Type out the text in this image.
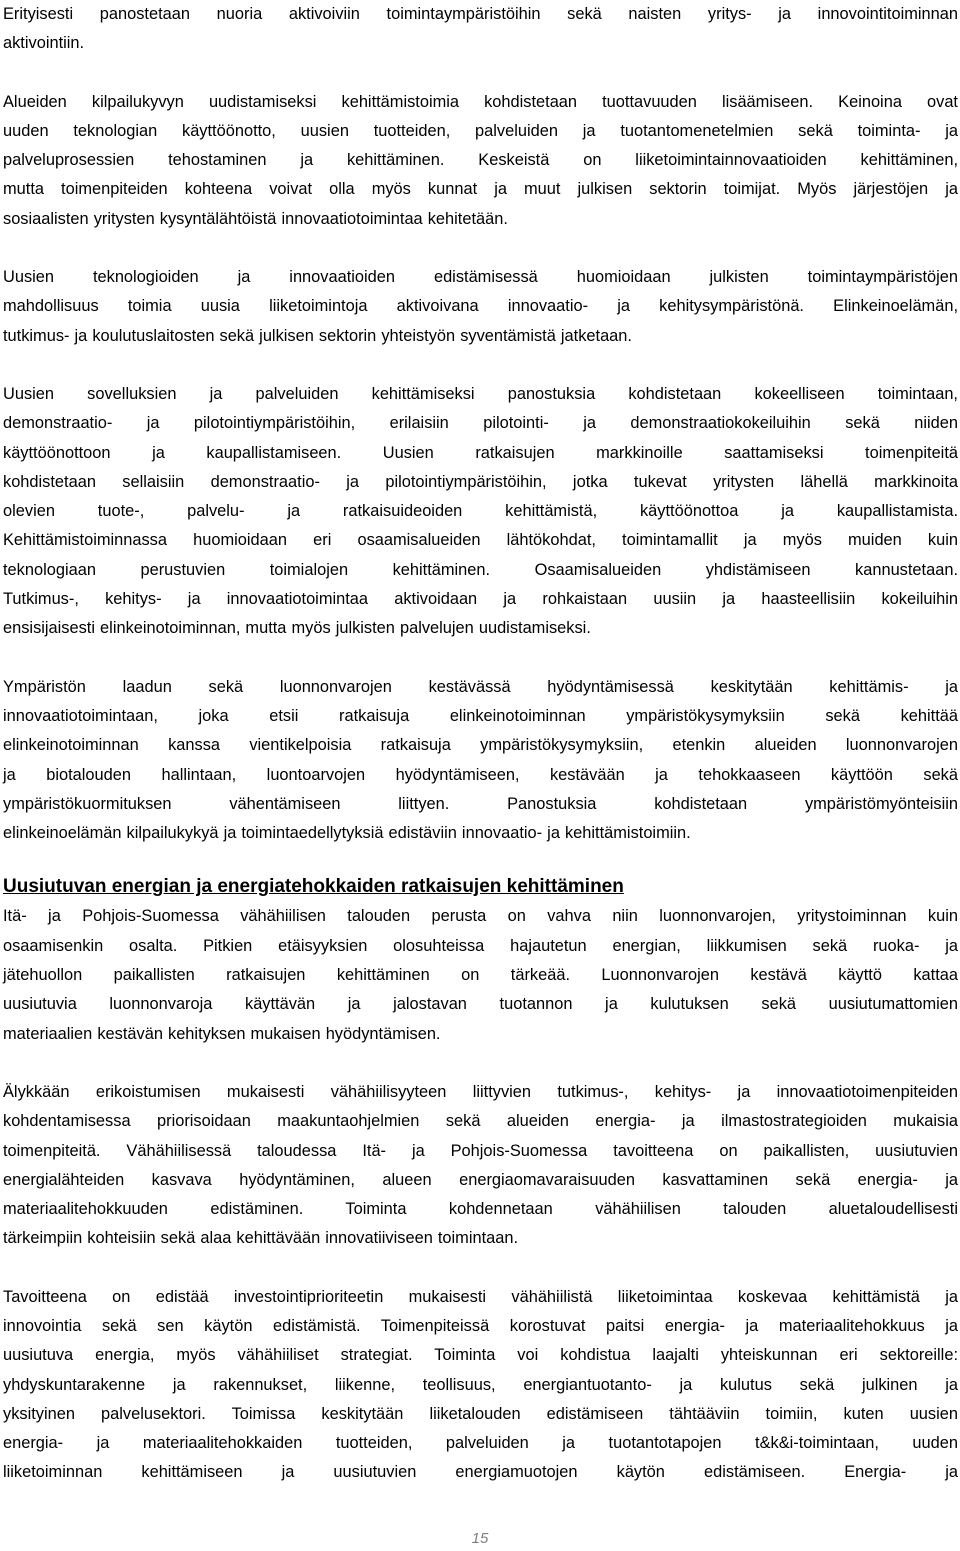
Erityisesti panostetaan nuoria aktivoiviin toimintaympäristöihin sekä naisten yritys- ja innovointitoiminnan
aktivointiin.

Alueiden kilpailukyvyn uudistamiseksi kehittämistoimia kohdistetaan tuottavuuden lisäämiseen. Keinoina ovat
uuden teknologian käyttöönotto, uusien tuotteiden, palveluiden ja tuotantomenetelmien sekä toiminta- ja
palveluprosessien tehostaminen ja kehittäminen. Keskeistä on liiketoimintainnovaatioiden kehittäminen,
mutta toimenpiteiden kohteena voivat olla myös kunnat ja muut julkisen sektorin toimijat. Myös järjestöjen ja
sosiaalisten yritysten kysyntälähtöistä innovaatiotoimintaa kehitetään.

Uusien teknologioiden ja innovaatioiden edistämisessä huomioidaan julkisten toimintaympäristöjen
mahdollisuus toimia uusia liiketoimintoja aktivoivana innovaatio- ja kehitysympäristönä. Elinkeinoelämän,
tutkimus- ja koulutuslaitosten sekä julkisen sektorin yhteistyön syventämistä jatketaan.

Uusien sovelluksien ja palveluiden kehittämiseksi panostuksia kohdistetaan kokeelliseen toimintaan,
demonstraatio- ja pilotointiympäristöihin, erilaisiin pilotointi- ja demonstraatiokokeiluihin sekä niiden
käyttöönottoon ja kaupallistamiseen. Uusien ratkaisujen markkinoille saattamiseksi toimenpiteitä
kohdistetaan sellaisiin demonstraatio- ja pilotointiympäristöihin, jotka tukevat yritysten lähellä markkinoita
olevien tuote-, palvelu- ja ratkaisuideoiden kehittämistä, käyttöönottoa ja kaupallistamista.
Kehittämistoiminnassa huomioidaan eri osaamisalueiden lähtökohdat, toimintamallit ja myös muiden kuin
teknologiaan perustuvien toimialojen kehittäminen. Osaamisalueiden yhdistämiseen kannustetaan.
Tutkimus-, kehitys- ja innovaatiotoimintaa aktivoidaan ja rohkaistaan uusiin ja haasteellisiin kokeiluihin
ensisijaisesti elinkeinotoiminnan, mutta myös julkisten palvelujen uudistamiseksi.

Ympäristön laadun sekä luonnonvarojen kestävässä hyödyntämisessä keskitytään kehittämis- ja
innovaatiotoimintaan, joka etsii ratkaisuja elinkeinotoiminnan ympäristökysymyksiin sekä kehittää
elinkeinotoiminnan kanssa vientikelpoisia ratkaisuja ympäristökysymyksiin, etenkin alueiden luonnonvarojen
ja biotalouden hallintaan, luontoarvojen hyödyntämiseen, kestävään ja tehokkaaseen käyttöön sekä
ympäristökuormituksen vähentämiseen liittyen. Panostuksia kohdistetaan ympäristömyönteisiin
elinkeinoelämän kilpailukykyä ja toimintaedellytyksiä edistäviin innovaatio- ja kehittämistoimiin.

Uusiutuvan energian ja energiatehokkaiden ratkaisujen kehittäminen

Itä- ja Pohjois-Suomessa vähähiilisen talouden perusta on vahva niin luonnonvarojen, yritystoiminnan kuin
osaamisenkin osalta. Pitkien etäisyyksien olosuhteissa hajautetun energian, liikkumisen sekä ruoka- ja
jätehuollon paikallisten ratkaisujen kehittäminen on tärkeää. Luonnonvarojen kestävä käyttö kattaa
uusiutuvia luonnonvaroja käyttävän ja jalostavan tuotannon ja kulutuksen sekä uusiutumattomien
materiaalien kestävän kehityksen mukaisen hyödyntämisen.

Älykkään erikoistumisen mukaisesti vähähiilisyyteen liittyvien tutkimus-, kehitys- ja innovaatiotoimenpiteiden
kohdentamisessa priorisoidaan maakuntaohjelmien sekä alueiden energia- ja ilmastostrategioiden mukaisia
toimenpiteitä. Vähähiilisessä taloudessa Itä- ja Pohjois-Suomessa tavoitteena on paikallisten, uusiutuvien
energialähteiden kasvava hyödyntäminen, alueen energiaomavaraisuuden kasvattaminen sekä energia- ja
materiaalitehokkuuden edistäminen. Toiminta kohdennetaan vähähiilisen talouden aluetaloudellisesti
tärkeimpiin kohteisiin sekä alaa kehittävään innovatiiviseen toimintaan.

Tavoitteena on edistää investointiprioriteetin mukaisesti vähähiilistä liiketoimintaa koskevaa kehittämistä ja
innovointia sekä sen käytön edistämistä. Toimenpiteissä korostuvat paitsi energia- ja materiaalitehokkuus ja
uusiutuva energia, myös vähähiiliset strategiat. Toiminta voi kohdistua laajalti yhteiskunnan eri sektoreille:
yhdyskuntarakenne ja rakennukset, liikenne, teollisuus, energiantuotanto- ja kulutus sekä julkinen ja
yksityinen palvelusektori. Toimissa keskitytään liiketalouden edistämiseen tähtääviin toimiin, kuten uusien
energia- ja materiaalitehokkaiden tuotteiden, palveluiden ja tuotantotapojen t&k&i-toimintaan, uuden
liiketoiminnan kehittämiseen ja uusiutuvien energiamuotojen käytön edistämiseen. Energia- ja

15
